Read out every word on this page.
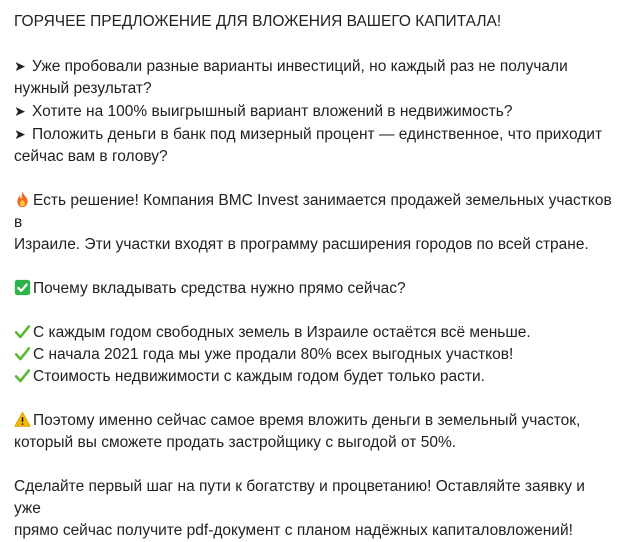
ГОРЯЧЕЕ ПРЕДЛОЖЕНИЕ ДЛЯ ВЛОЖЕНИЯ ВАШЕГО КАПИТАЛА!
➤ Уже пробовали разные варианты инвестиций, но каждый раз не получали
нужный результат?
➤ Хотите на 100% выигрышный вариант вложений в недвижимость?
➤ Положить деньги в банк под мизерный процент — единственное, что приходит
сейчас вам в голову?
Есть решение! Компания BMC Invest занимается продажей земельных участков в
Израиле. Эти участки входят в программу расширения городов по всей стране.
Почему вкладывать средства нужно прямо сейчас?
С каждым годом свободных земель в Израиле остаётся всё меньше.
С начала 2021 года мы уже продали 80% всех выгодных участков!
Стоимость недвижимости с каждым годом будет только расти.
Поэтому именно сейчас самое время вложить деньги в земельный участок,
который вы сможете продать застройщику с выгодой от 50%.
Сделайте первый шаг на пути к богатству и процветанию! Оставляйте заявку и уже
прямо сейчас получите pdf-документ с планом надёжных капиталовложений!
